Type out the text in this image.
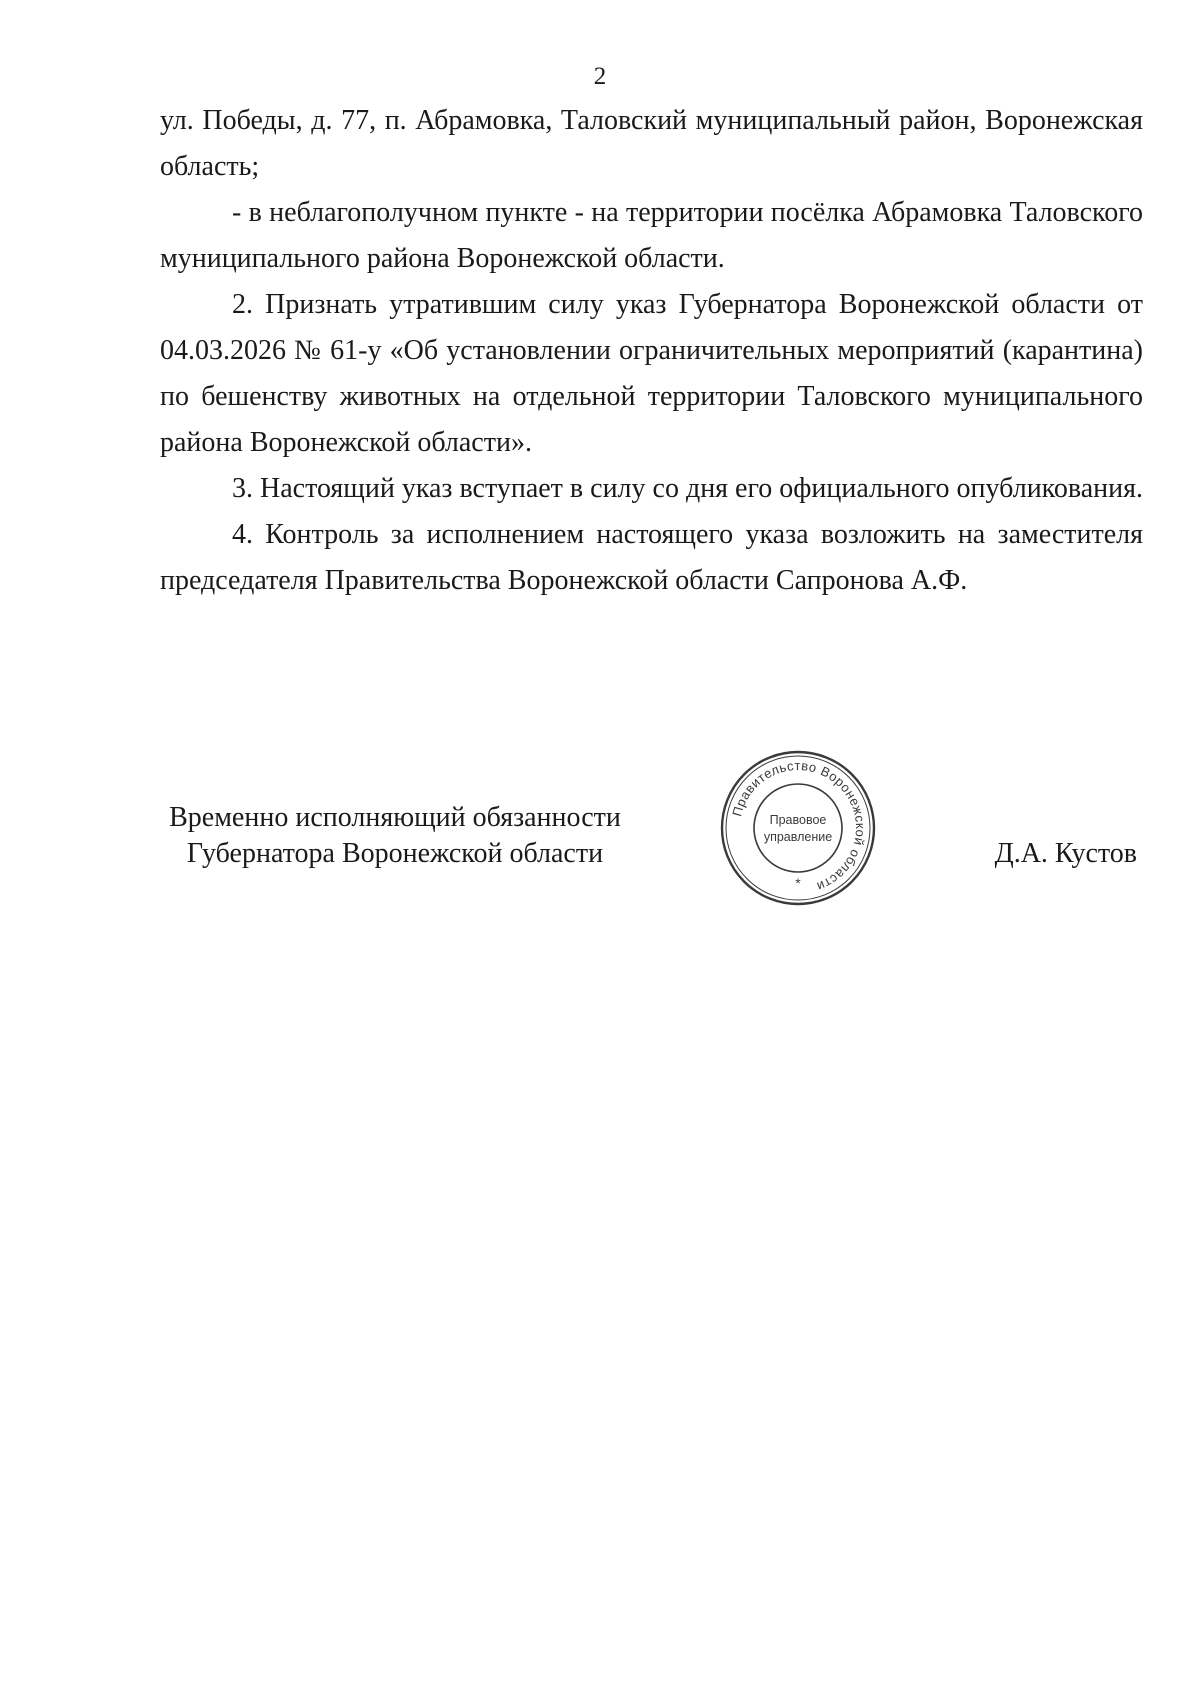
2

ул. Победы, д. 77, п. Абрамовка, Таловский муниципальный район, Воронежская область;

- в неблагополучном пункте - на территории посёлка Абрамовка Таловского муниципального района Воронежской области.

2. Признать утратившим силу указ Губернатора Воронежской области от 04.03.2026 № 61-у «Об установлении ограничительных мероприятий (карантина) по бешенству животных на отдельной территории Таловского муниципального района Воронежской области».

3. Настоящий указ вступает в силу со дня его официального опубликования.

4. Контроль за исполнением настоящего указа возложить на заместителя председателя Правительства Воронежской области Сапронова А.Ф.

Временно исполняющий обязанности
Губернатора Воронежской области	Д.А. Кустов
Правительство Воронежской области
Правовое
управление
*
